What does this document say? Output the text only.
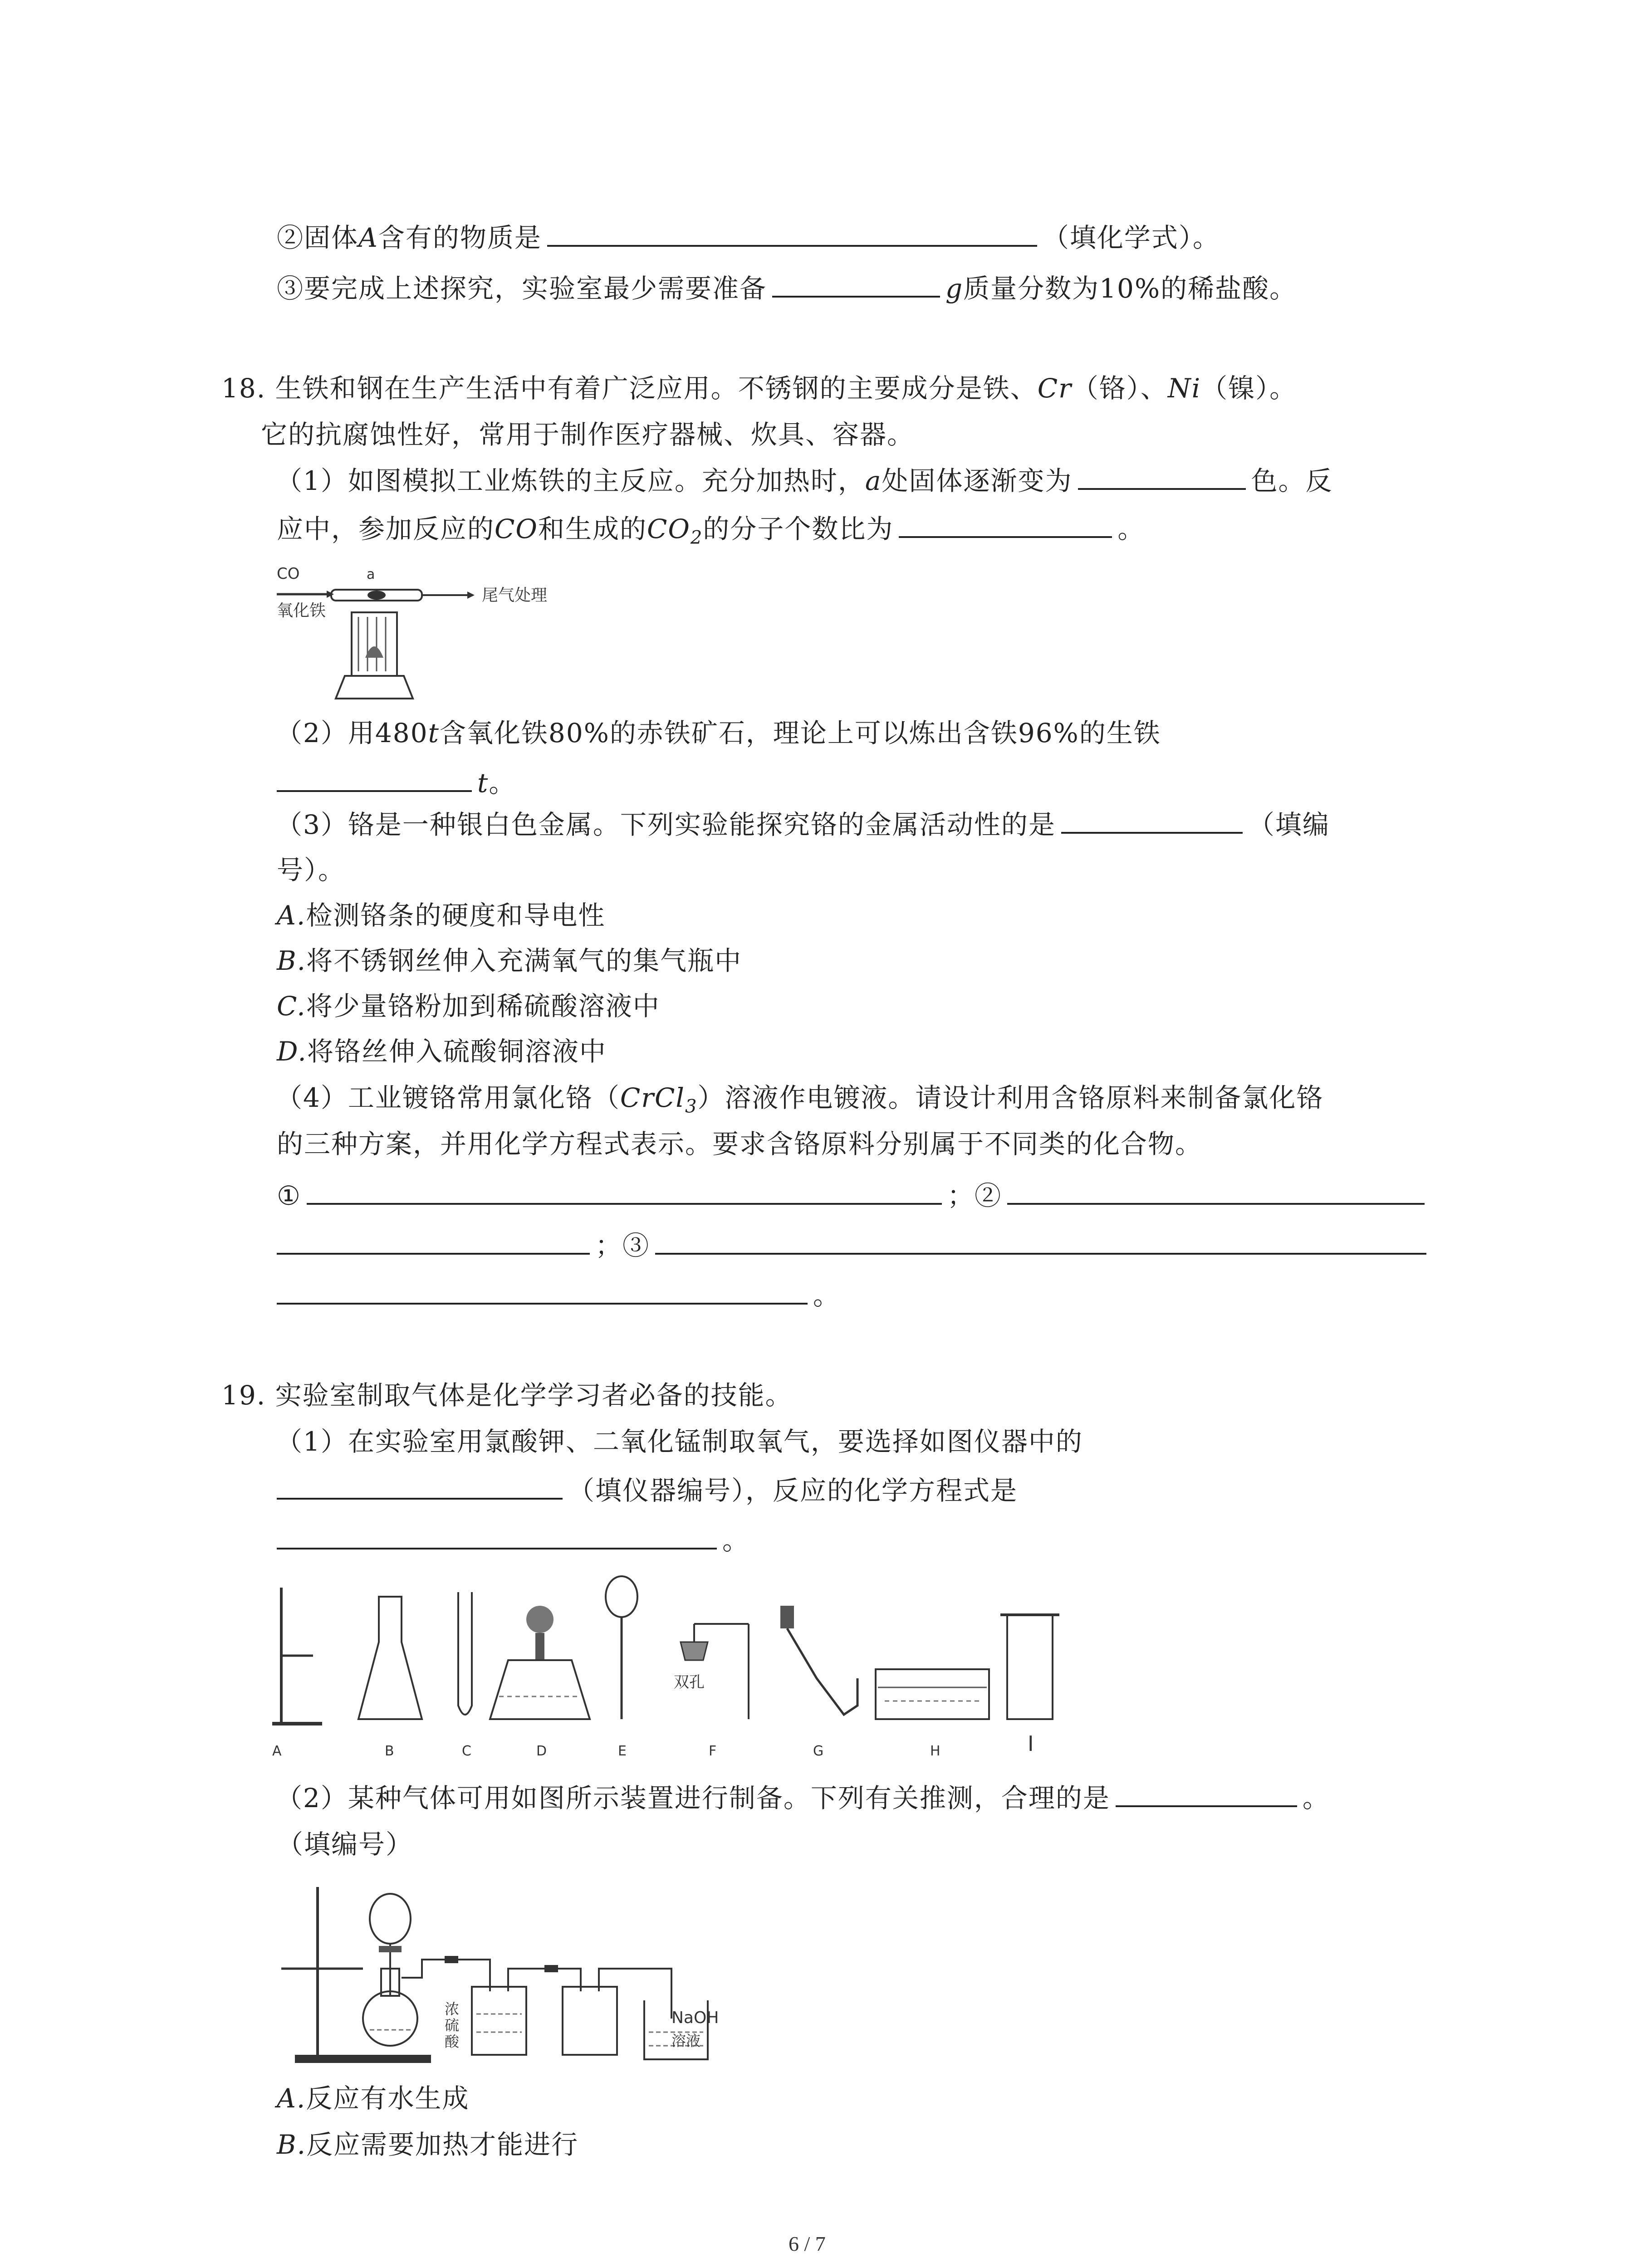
②固体A含有的物质是	（填化学式）。
③要完成上述探究，实验室最少需要准备	g质量分数为10%的稀盐酸。
18. 生铁和钢在生产生活中有着广泛应用。不锈钢的主要成分是铁、Cr（铬）、Ni（镍）。
它的抗腐蚀性好，常用于制作医疗器械、炊具、容器。
（1）如图模拟工业炼铁的主反应。充分加热时，a处固体逐渐变为	色。反
应中，参加反应的CO和生成的$CO_2$的分子个数比为	。
CO	a
氧化铁
尾气处理
（2）用480t含氧化铁80%的赤铁矿石，理论上可以炼出含铁96%的生铁
t。
（3）铬是一种银白色金属。下列实验能探究铬的金属活动性的是	（填编
号）。
A.检测铬条的硬度和导电性
B.将不锈钢丝伸入充满氧气的集气瓶中
C.将少量铬粉加到稀硫酸溶液中
D.将铬丝伸入硫酸铜溶液中
（4）工业镀铬常用氯化铬（CrCl$_3$）溶液作电镀液。请设计利用含铬原料来制备氯化铬
的三种方案，并用化学方程式表示。要求含铬原料分别属于不同类的化合物。
①	；②
；③
。
19. 实验室制取气体是化学学习者必备的技能。
（1）在实验室用氯酸钾、二氧化锰制取氧气，要选择如图仪器中的
（填仪器编号），反应的化学方程式是
。
双孔
A	B	C	D	E	F	G	H	I
（2）某种气体可用如图所示装置进行制备。下列有关推测，合理的是	。
（填编号）
浓
硫
酸
NaOH
溶液
A.反应有水生成
B.反应需要加热才能进行
6 / 7
